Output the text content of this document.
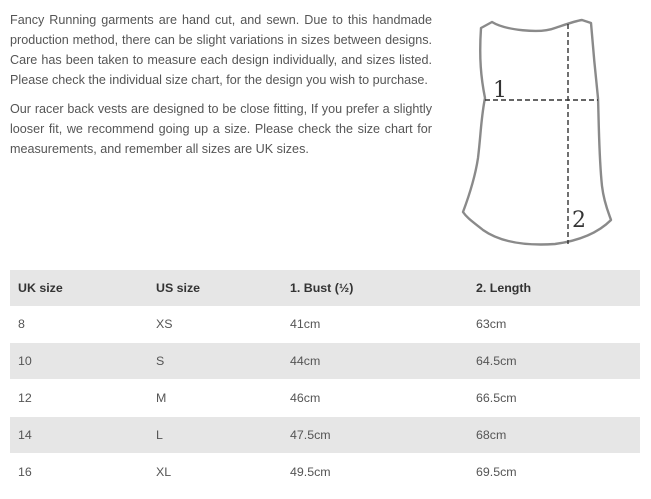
Fancy Running garments are hand cut, and sewn. Due to this handmade production method, there can be slight variations in sizes between designs. Care has been taken to measure each design individually, and sizes listed. Please check the individual size chart, for the design you wish to purchase.

Our racer back vests are designed to be close fitting, If you prefer a slightly looser fit, we recommend going up a size. Please check the size chart for measurements, and remember all sizes are UK sizes.

1
2
UK size	US size	1. Bust (½)	2. Length
8	XS	41cm	63cm
10	S	44cm	64.5cm
12	M	46cm	66.5cm
14	L	47.5cm	68cm
16	XL	49.5cm	69.5cm
